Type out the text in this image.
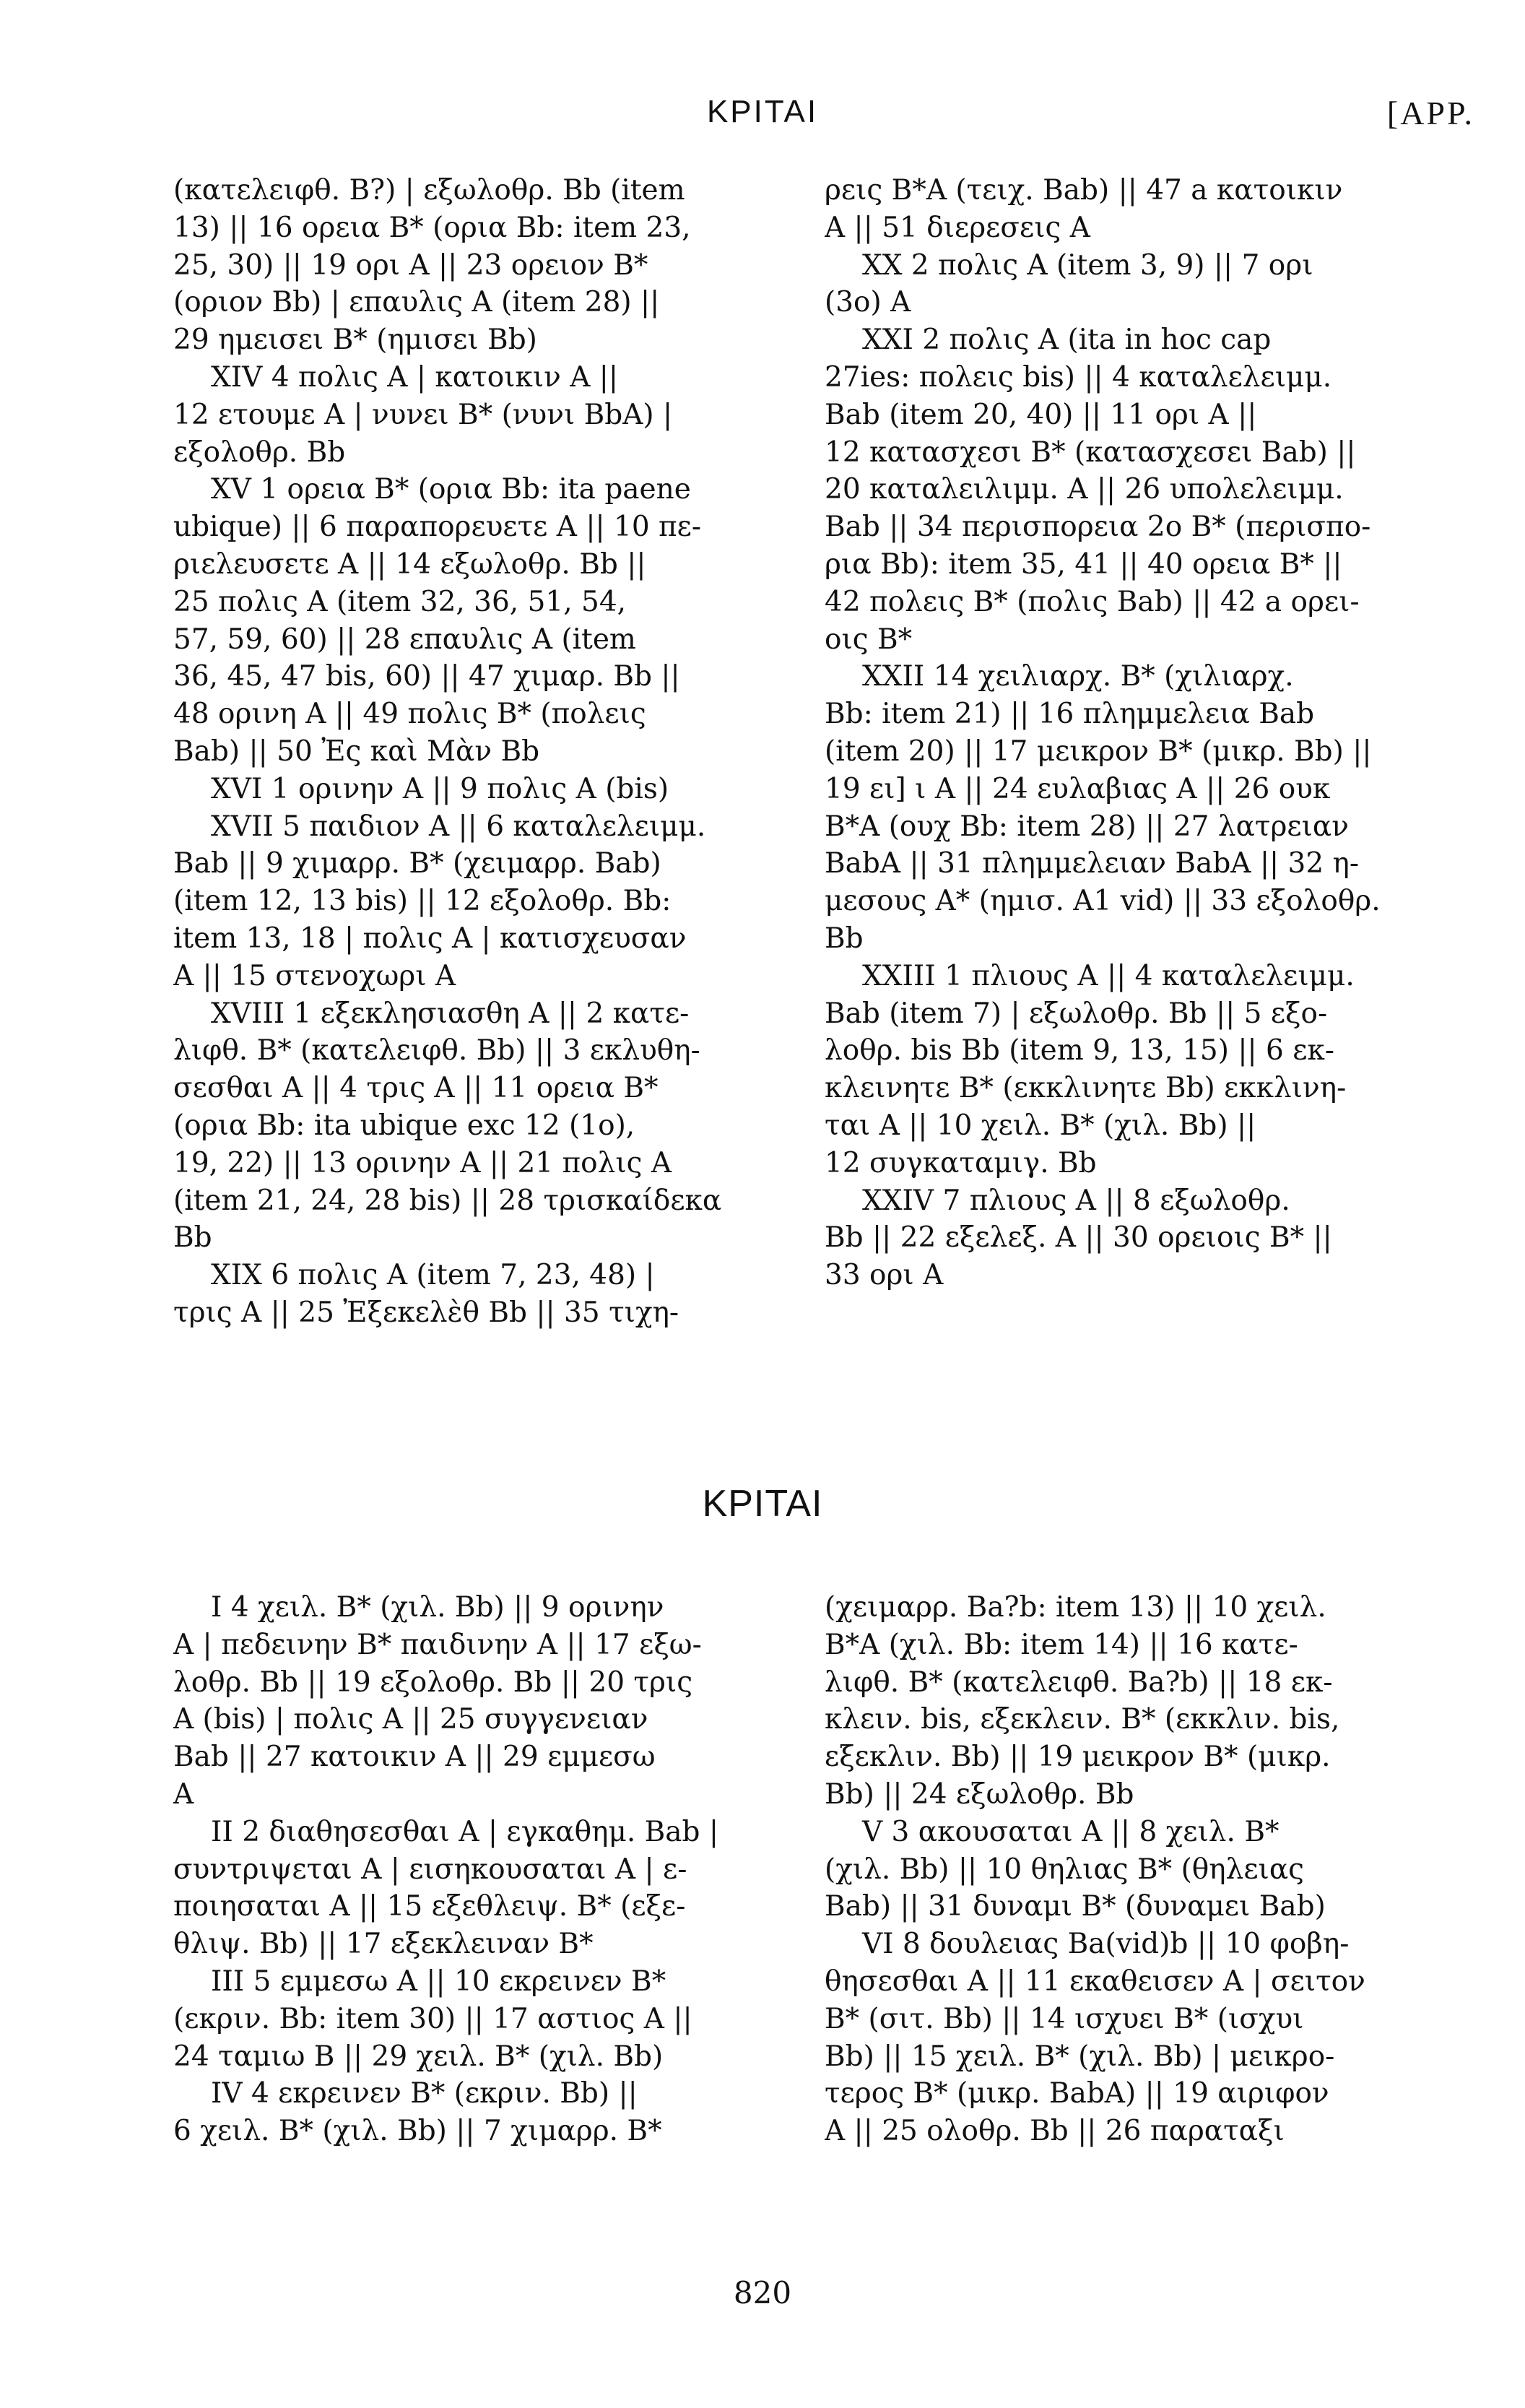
ΚΡΙΤΑΙ	[APP.
(κατελειφθ. B?) | εξωλοθρ. Bb (item
13) || 16 ορεια B* (ορια Bb: item 23,
25, 30) || 19 ορι A || 23 ορειον B*
(οριον Bb) | επαυλις A (item 28) ||
29 ημεισει B* (ημισει Bb)
XIV 4 πολις A | κατοικιν A ||
12 ετουμε A | νυνει B* (νυνι BbA) |
εξολοθρ. Bb
XV 1 ορεια B* (ορια Bb: ita paene
ubique) || 6 παραπορευετε A || 10 πε-
ριελευσετε A || 14 εξωλοθρ. Bb ||
25 πολις A (item 32, 36, 51, 54,
57, 59, 60) || 28 επαυλις A (item
36, 45, 47 bis, 60) || 47 χιμαρ. Bb ||
48 ορινη A || 49 πολις B* (πολεις
Bab) || 50 Ἐς καὶ Μὰν Bb
XVI 1 ορινην A || 9 πολις A (bis)
XVII 5 παιδιον A || 6 καταλελειμμ.
Bab || 9 χιμαρρ. B* (χειμαρρ. Bab)
(item 12, 13 bis) || 12 εξολοθρ. Bb:
item 13, 18 | πολις A | κατισχευσαν
A || 15 στενοχωρι A
XVIII 1 εξεκλησιασθη A || 2 κατε-
λιφθ. B* (κατελειφθ. Bb) || 3 εκλυθη-
σεσθαι A || 4 τρις A || 11 ορεια B*
(ορια Bb: ita ubique exc 12 (1o),
19, 22) || 13 ορινην A || 21 πολις A
(item 21, 24, 28 bis) || 28 τρισκαίδεκα
Bb
XIX 6 πολις A (item 7, 23, 48) |
τρις A || 25 Ἐξεκελὲθ Bb || 35 τιχη-
ρεις B*A (τειχ. Bab) || 47 a κατοικιν
A || 51 διερεσεις A
XX 2 πολις A (item 3, 9) || 7 ορι
(3o) A
XXI 2 πολις A (ita in hoc cap
27ies: πολεις bis) || 4 καταλελειμμ.
Bab (item 20, 40) || 11 ορι A ||
12 κατασχεσι B* (κατασχεσει Bab) ||
20 καταλειλιμμ. A || 26 υπολελειμμ.
Bab || 34 περισπορεια 2o B* (περισπο-
ρια Bb): item 35, 41 || 40 ορεια B* ||
42 πολεις B* (πολις Bab) || 42 a ορει-
οις B*
XXII 14 χειλιαρχ. B* (χιλιαρχ.
Bb: item 21) || 16 πλημμελεια Bab
(item 20) || 17 μεικρον B* (μικρ. Bb) ||
19 ει] ι A || 24 ευλαβιας A || 26 ουκ
B*A (ουχ Bb: item 28) || 27 λατρειαν
BabA || 31 πλημμελειαν BabA || 32 η-
μεσους A* (ημισ. A1 vid) || 33 εξολοθρ.
Bb
XXIII 1 πλιους A || 4 καταλελειμμ.
Bab (item 7) | εξωλοθρ. Bb || 5 εξο-
λοθρ. bis Bb (item 9, 13, 15) || 6 εκ-
κλεινητε B* (εκκλινητε Bb) εκκλινη-
ται A || 10 χειλ. B* (χιλ. Bb) ||
12 συγκαταμιγ. Bb
XXIV 7 πλιους A || 8 εξωλοθρ.
Bb || 22 εξελεξ. A || 30 ορειοις B* ||
33 ορι A
ΚΡΙΤΑΙ
I 4 χειλ. B* (χιλ. Bb) || 9 ορινην
A | πεδεινην B* παιδινην A || 17 εξω-
λοθρ. Bb || 19 εξολοθρ. Bb || 20 τρις
A (bis) | πολις A || 25 συγγενειαν
Bab || 27 κατοικιν A || 29 εμμεσω
A
II 2 διαθησεσθαι A | εγκαθημ. Bab |
συντριψεται A | εισηκουσαται A | ε-
ποιησαται A || 15 εξεθλειψ. B* (εξε-
θλιψ. Bb) || 17 εξεκλειναν B*
III 5 εμμεσω A || 10 εκρεινεν B*
(εκριν. Bb: item 30) || 17 αστιος A ||
24 ταμιω B || 29 χειλ. B* (χιλ. Bb)
IV 4 εκρεινεν B* (εκριν. Bb) ||
6 χειλ. B* (χιλ. Bb) || 7 χιμαρρ. B*
(χειμαρρ. Ba?b: item 13) || 10 χειλ.
B*A (χιλ. Bb: item 14) || 16 κατε-
λιφθ. B* (κατελειφθ. Ba?b) || 18 εκ-
κλειν. bis, εξεκλειν. B* (εκκλιν. bis,
εξεκλιν. Bb) || 19 μεικρον B* (μικρ.
Bb) || 24 εξωλοθρ. Bb
V 3 ακουσαται A || 8 χειλ. B*
(χιλ. Bb) || 10 θηλιας B* (θηλειας
Bab) || 31 δυναμι B* (δυναμει Bab)
VI 8 δουλειας Ba(vid)b || 10 φοβη-
θησεσθαι A || 11 εκαθεισεν A | σειτον
B* (σιτ. Bb) || 14 ισχυει B* (ισχυι
Bb) || 15 χειλ. B* (χιλ. Bb) | μεικρο-
τερος B* (μικρ. BabA) || 19 αιριφον
A || 25 ολοθρ. Bb || 26 παραταξι
820
